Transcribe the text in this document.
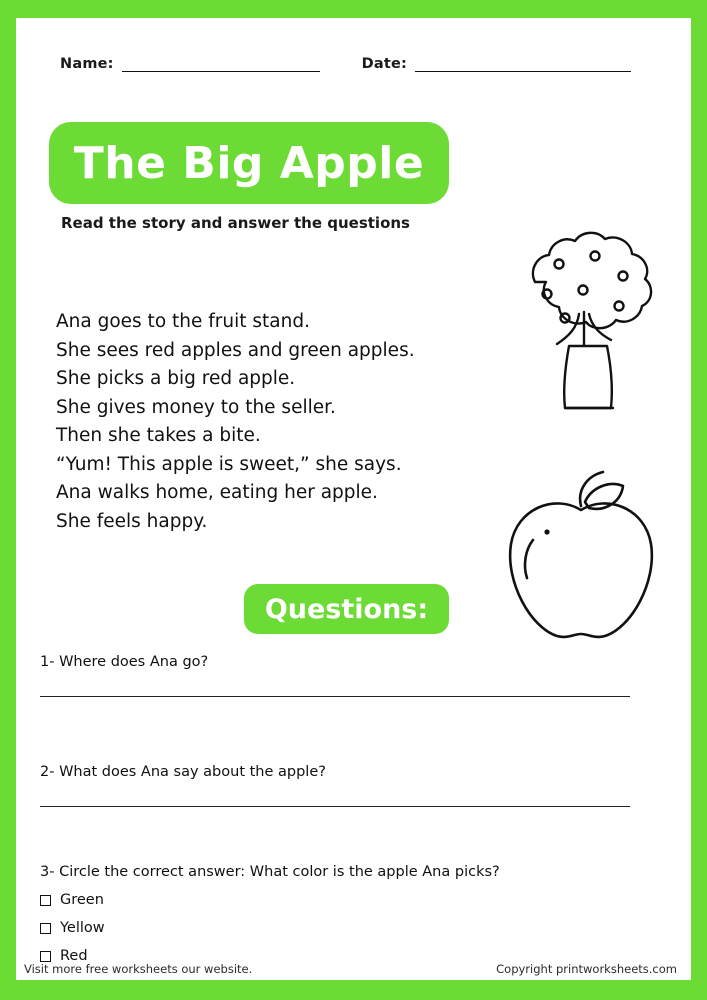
Name:	Date:
The Big Apple
Read the story and answer the questions
Ana goes to the fruit stand.
She sees red apples and green apples.
She picks a big red apple.
She gives money to the seller.
Then she takes a bite.
“Yum! This apple is sweet,” she says.
Ana walks home, eating her apple.
She feels happy.
Questions:
1- Where does Ana go?
2- What does Ana say about the apple?
3- Circle the correct answer: What color is the apple Ana picks?
Green
Yellow
Red
Visit more free worksheets our website.	Copyright printworksheets.com
